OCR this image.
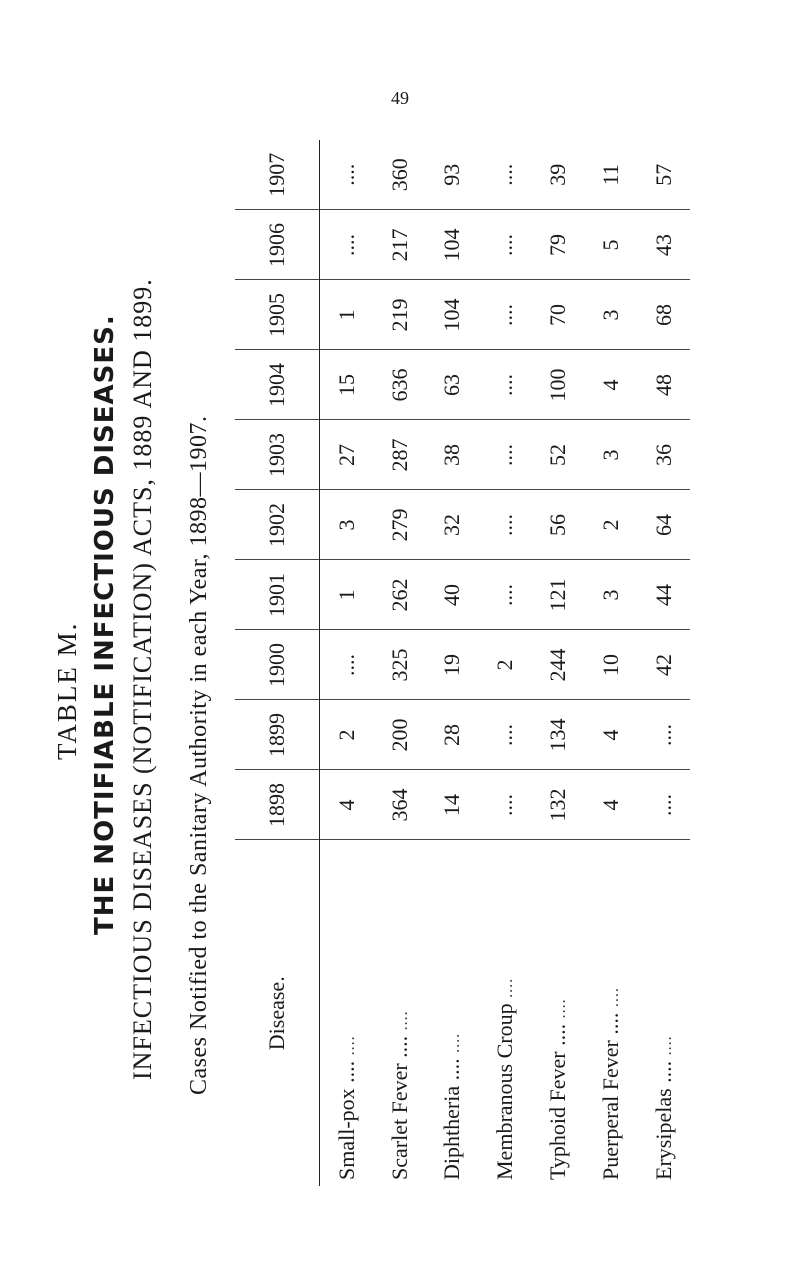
49
TABLE M. THE NOTIFIABLE INFECTIOUS DISEASES. INFECTIOUS DISEASES (NOTIFICATION) ACTS, 1889 AND 1899. Cases Notified to the Sanitary Authority in each Year, 1898—1907. Disease.	1898	1899	1900	1901	1902	1903	1904	1905	1906	1907
Small-pox .... ....	4	2	....	1	3	27	15	1	....	....
Scarlet Fever .... ....	364	200	325	262	279	287	636	219	217	360
Diphtheria .... ....	14	28	19	40	32	38	63	104	104	93
Membranous Croup ....	....	....	2	....	....	....	....	....	....	....
Typhoid Fever .... ....	132	134	244	121	56	52	100	70	79	39
Puerperal Fever .... ....	4	4	10	3	2	3	4	3	5	11
Erysipelas .... ....	....	....	42	44	64	36	48	68	43	57
